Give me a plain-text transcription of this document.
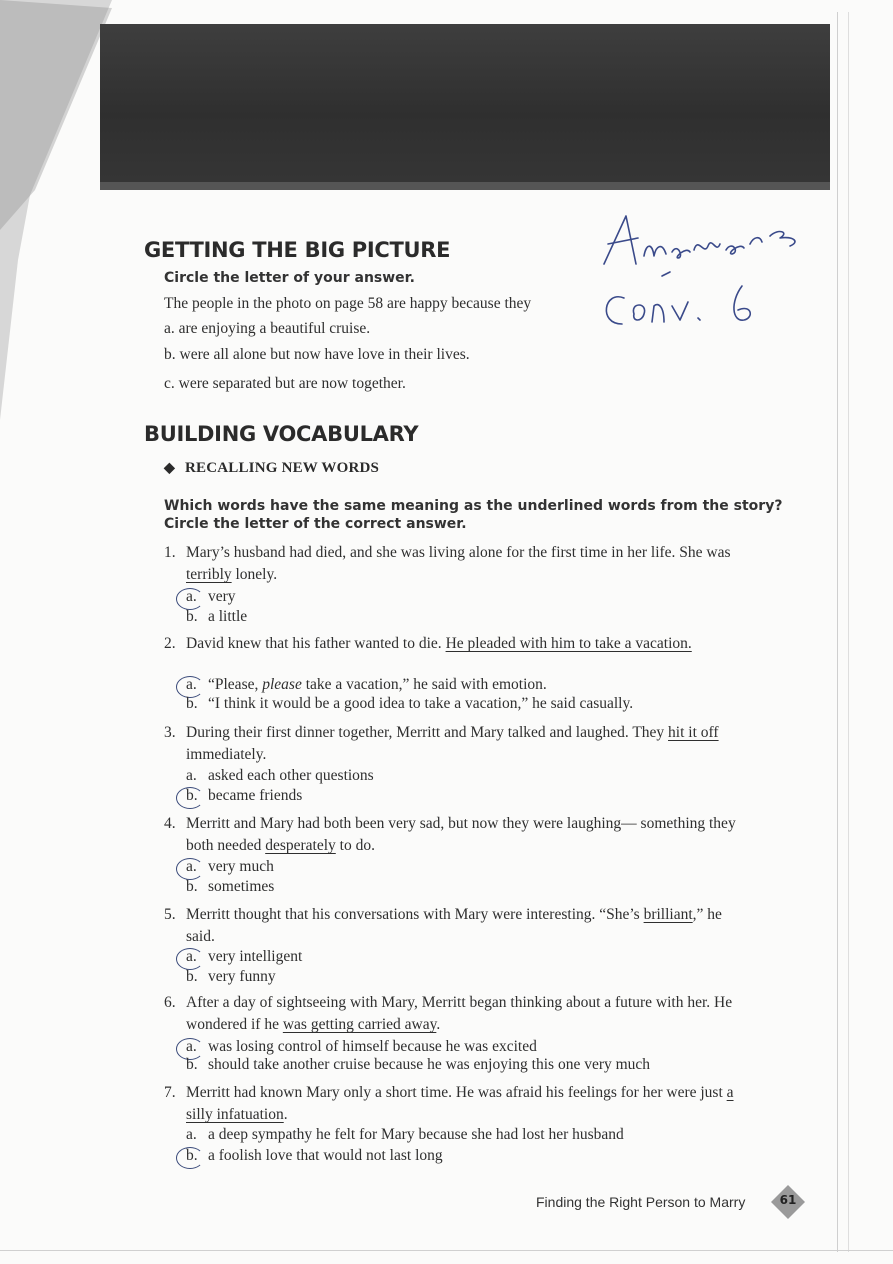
Answers
GETTING THE BIG PICTURE

Circle the letter of your answer.

The people in the photo on page 58 are happy because they

a. are enjoying a beautiful cruise.

b. were all alone but now have love in their lives.

c. were separated but are now together.

BUILDING VOCABULARY

◆ RECALLING NEW WORDS

Which words have the same meaning as the underlined words from the story?

Circle the letter of the correct answer.

1. Mary’s husband had died, and she was living alone for the first time in her life. She was terribly lonely.

a. very

b. a little

2. David knew that his father wanted to die. He pleaded with him to take a vacation.

a. “Please, please take a vacation,” he said with emotion.

b. “I think it would be a good idea to take a vacation,” he said casually.

3. During their first dinner together, Merritt and Mary talked and laughed. They hit it off immediately.

a. asked each other questions

b. became friends

4. Merritt and Mary had both been very sad, but now they were laughing— something they both needed desperately to do.

a. very much

b. sometimes

5. Merritt thought that his conversations with Mary were interesting. “She’s brilliant,” he said.

a. very intelligent

b. very funny

6. After a day of sightseeing with Mary, Merritt began thinking about a future with her. He wondered if he was getting carried away.

a. was losing control of himself because he was excited

b. should take another cruise because he was enjoying this one very much

7. Merritt had known Mary only a short time. He was afraid his feelings for her were just a silly infatuation.

a. a deep sympathy he felt for Mary because she had lost her husband

b. a foolish love that would not last long

Finding the Right Person to Marry	61
